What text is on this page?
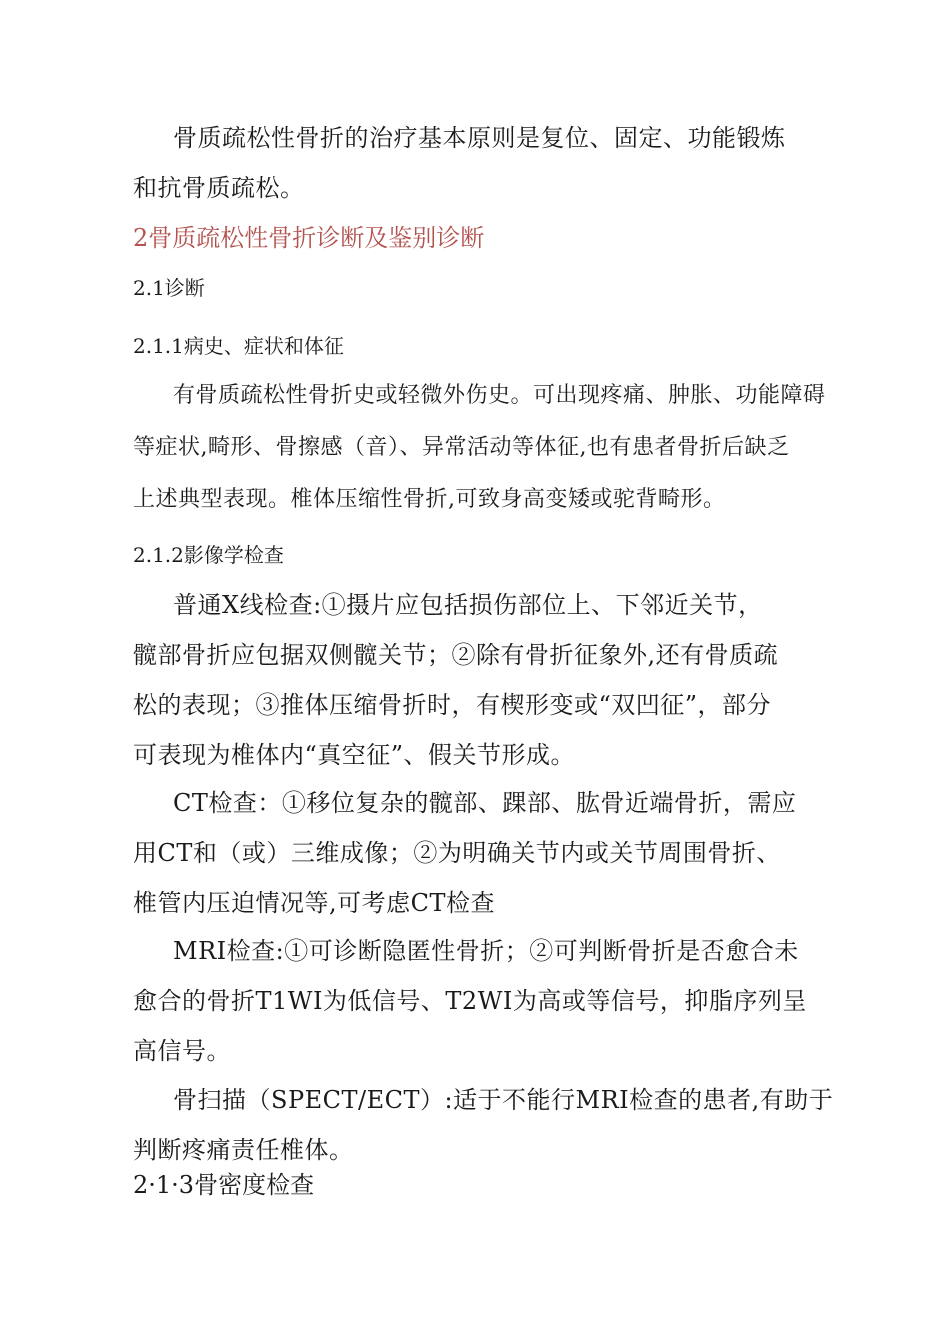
骨质疏松性骨折的治疗基本原则是复位、固定、功能锻炼
和抗骨质疏松。
2骨质疏松性骨折诊断及鉴别诊断
2.1诊断
2.1.1病史、症状和体征
有骨质疏松性骨折史或轻微外伤史。可出现疼痛、肿胀、功能障碍
等症状,畸形、骨擦感（音）、异常活动等体征,也有患者骨折后缺乏
上述典型表现。椎体压缩性骨折,可致身高变矮或驼背畸形。
2.1.2影像学检查
普通X线检查:①摄片应包括损伤部位上、下邻近关节，
髋部骨折应包据双侧髋关节；②除有骨折征象外,还有骨质疏
松的表现；③推体压缩骨折时，有楔形变或“双凹征”，部分
可表现为椎体内“真空征”、假关节形成。
CT检查：①移位复杂的髋部、踝部、肱骨近端骨折，需应
用CT和（或）三维成像；②为明确关节内或关节周围骨折、
椎管内压迫情况等,可考虑CT检查
MRI检查:①可诊断隐匿性骨折；②可判断骨折是否愈合未
愈合的骨折T1WI为低信号、T2WI为高或等信号，抑脂序列呈
高信号。
骨扫描（SPECT/ECT）:适于不能行MRI检查的患者,有助于
判断疼痛责任椎体。
2·1·3骨密度检查
